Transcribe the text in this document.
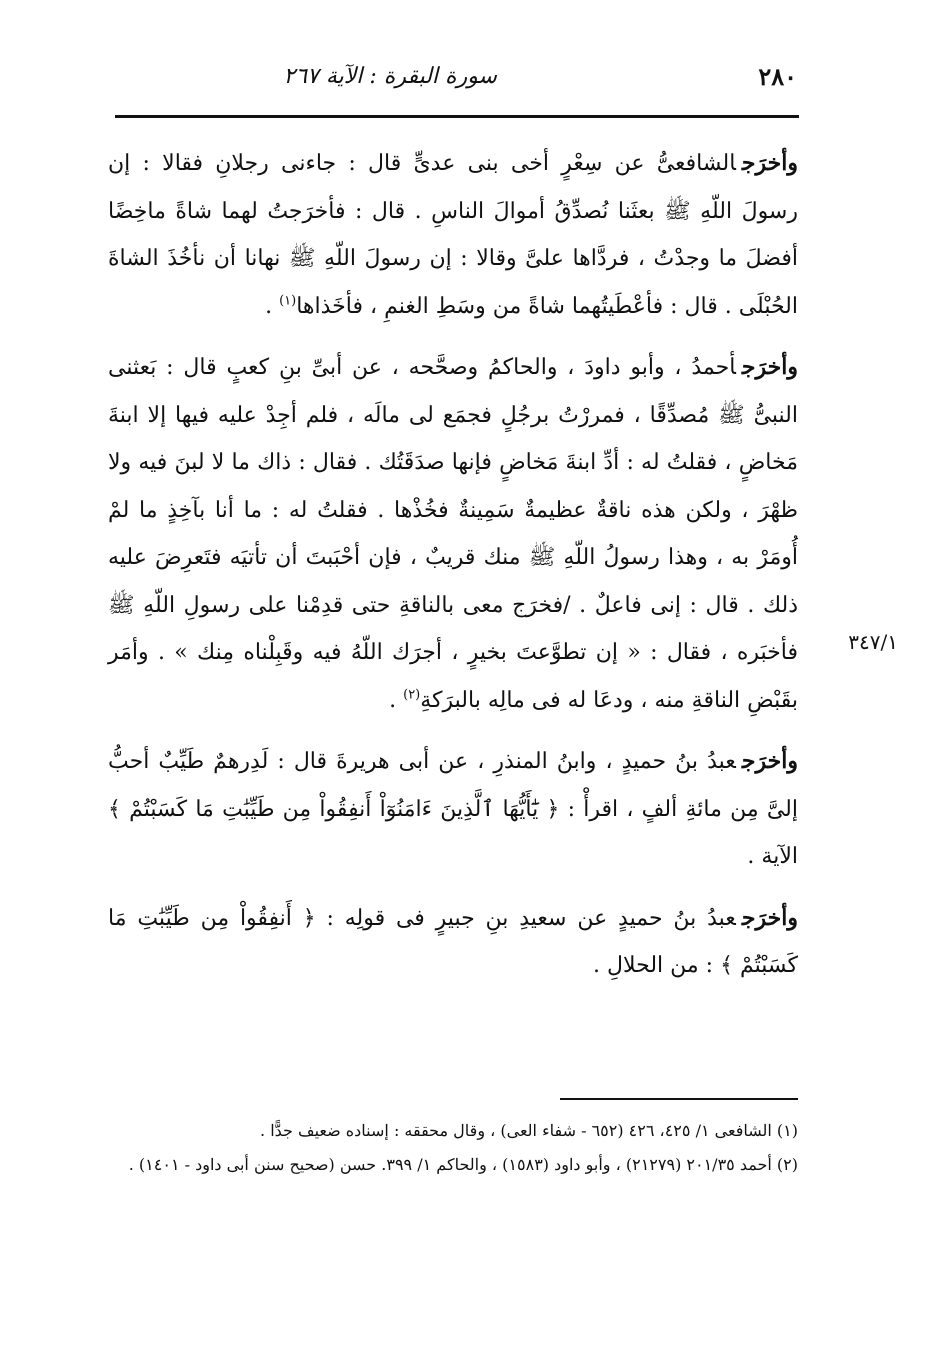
٢٨٠
سورة البقرة : الآية ٢٦٧
٣٤٧/١

وأخرَجالشافعىُّ عن سِعْرٍ أخى بنى عدىٍّ قال : جاءنى رجلانِ فقالا : إن رسولَ اللّهِ ﷺ بعثَنا نُصدِّقُ أموالَ الناسِ . قال : فأخرَجتُ لهما شاةً ماخِضًا أفضلَ ما وجدْتُ ، فردَّاها علىَّ وقالا : إن رسولَ اللّهِ ﷺ نهانا أن نأخُذَ الشاةَ الحُبْلَى . قال : فأعْطَيتُهما شاةً من وسَطِ الغنمِ ، فأخَذاها$^{(١)}$ .

وأخرَجأحمدُ ، وأبو داودَ ، والحاكمُ وصحَّحه ، عن أبىِّ بنِ كعبٍ قال : بَعثنى النبىُّ ﷺ مُصدِّقًا ، فمررْتُ برجُلٍ فجمَع لى مالَه ، فلم أجِدْ عليه فيها إلا ابنةَ مَخاضٍ ، فقلتُ له : أدِّ ابنةَ مَخاضٍ فإنها صدَقَتُك . فقال : ذاك ما لا لبنَ فيه ولا ظهْرَ ، ولكن هذه ناقةٌ عظيمةٌ سَمِينةٌ فخُذْها . فقلتُ له : ما أنا بآخِذٍ ما لمْ أُومَرْ به ، وهذا رسولُ اللّهِ ﷺ منك قريبٌ ، فإن أحْبَبتَ أن تأتيَه فتَعرِضَ عليه ذلك . قال : إنى فاعلٌ . /فخرَج معى بالناقةِ حتى قدِمْنا على رسولِ اللّهِ ﷺ فأخبَره ، فقال : « إن تطوَّعتَ بخيرٍ ، أجرَك اللّهُ فيه وقَبِلْناه مِنك » . وأمَر بقَبْضِ الناقةِ منه ، ودعَا له فى مالِه بالبرَكةِ$^{(٢)}$ .

وأخرَجعبدُ بنُ حميدٍ ، وابنُ المنذرِ ، عن أبى هريرةَ قال : لَدِرهمٌ طَيِّبٌ أحبُّ إلىَّ مِن مائةِ ألفٍ ، اقرأْ : ﴿ يَٰٓأَيُّهَا ٱلَّذِينَ ءَامَنُوٓاْ أَنفِقُواْ مِن طَيِّبَٰتِ مَا كَسَبْتُمْ ﴾ الآية .

وأخرَجعبدُ بنُ حميدٍ عن سعيدِ بنِ جبيرٍ فى قولِه : ﴿ أَنفِقُواْ مِن طَيِّبَٰتِ مَا كَسَبْتُمْ ﴾ : من الحلالِ .

(١) الشافعى ١/ ٤٢٥، ٤٢٦ (٦٥٢ - شفاء العى) ، وقال محققه : إسناده ضعيف جدًّا .

(٢) أحمد ٢٠١/٣٥ (٢١٢٧٩) ، وأبو داود (١٥٨٣) ، والحاكم ١/ ٣٩٩. حسن (صحيح سنن أبى داود - ١٤٠١) .
